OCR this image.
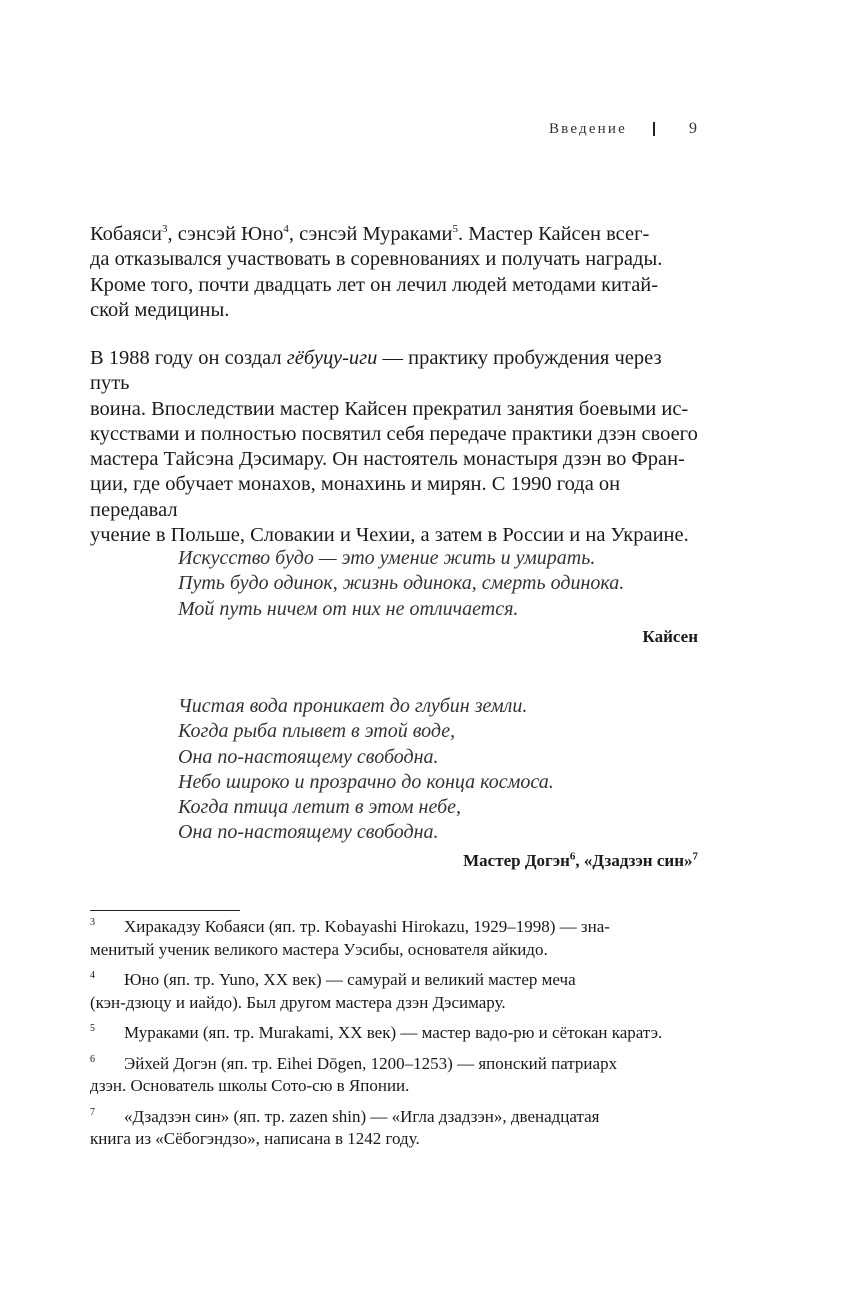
Введение	9

Кобаяси$^3$, сэнсэй Юно$^4$, сэнсэй Мураками$^5$. Мастер Кайсен всег-
да отказывался участвовать в соревнованиях и получать награды.
Кроме того, почти двадцать лет он лечил людей методами китай-
ской медицины.

В 1988 году он создал гёбуцу-иги — практику пробуждения через путь
воина. Впоследствии мастер Кайсен прекратил занятия боевыми ис-
кусствами и полностью посвятил себя передаче практики дзэн своего
мастера Тайсэна Дэсимару. Он настоятель монастыря дзэн во Фран-
ции, где обучает монахов, монахинь и мирян. С 1990 года он передавал
учение в Польше, Словакии и Чехии, а затем в России и на Украине.

Искусство будо — это умение жить и умирать.
Путь будо одинок, жизнь одинока, смерть одинока.
Мой путь ничем от них не отличается.

Кайсен

Чистая вода проникает до глубин земли.
Когда рыба плывет в этой воде,
Она по-настоящему свободна.
Небо широко и прозрачно до конца космоса.
Когда птица летит в этом небе,
Она по-настоящему свободна.

Мастер Догэн$^6$, «Дзадзэн син»$^7$
3	Хиракадзу Кобаяси (яп. тр. Kobayashi Hirokazu, 1929–1998) — зна-
менитый ученик великого мастера Уэсибы, основателя айкидо.
4	Юно (яп. тр. Yuno, XX век) — самурай и великий мастер меча
(кэн-дзюцу и иайдо). Был другом мастера дзэн Дэсимару.
5	Мураками (яп. тр. Murakami, XX век) — мастер вадо-рю и сётокан каратэ.
6	Эйхей Догэн (яп. тр. Eihei Dōgen, 1200–1253) — японский патриарх
дзэн. Основатель школы Сото-сю в Японии.
7	«Дзадзэн син» (яп. тр. zazen shin) — «Игла дзадзэн», двенадцатая
книга из «Сёбогэндзо», написана в 1242 году.
